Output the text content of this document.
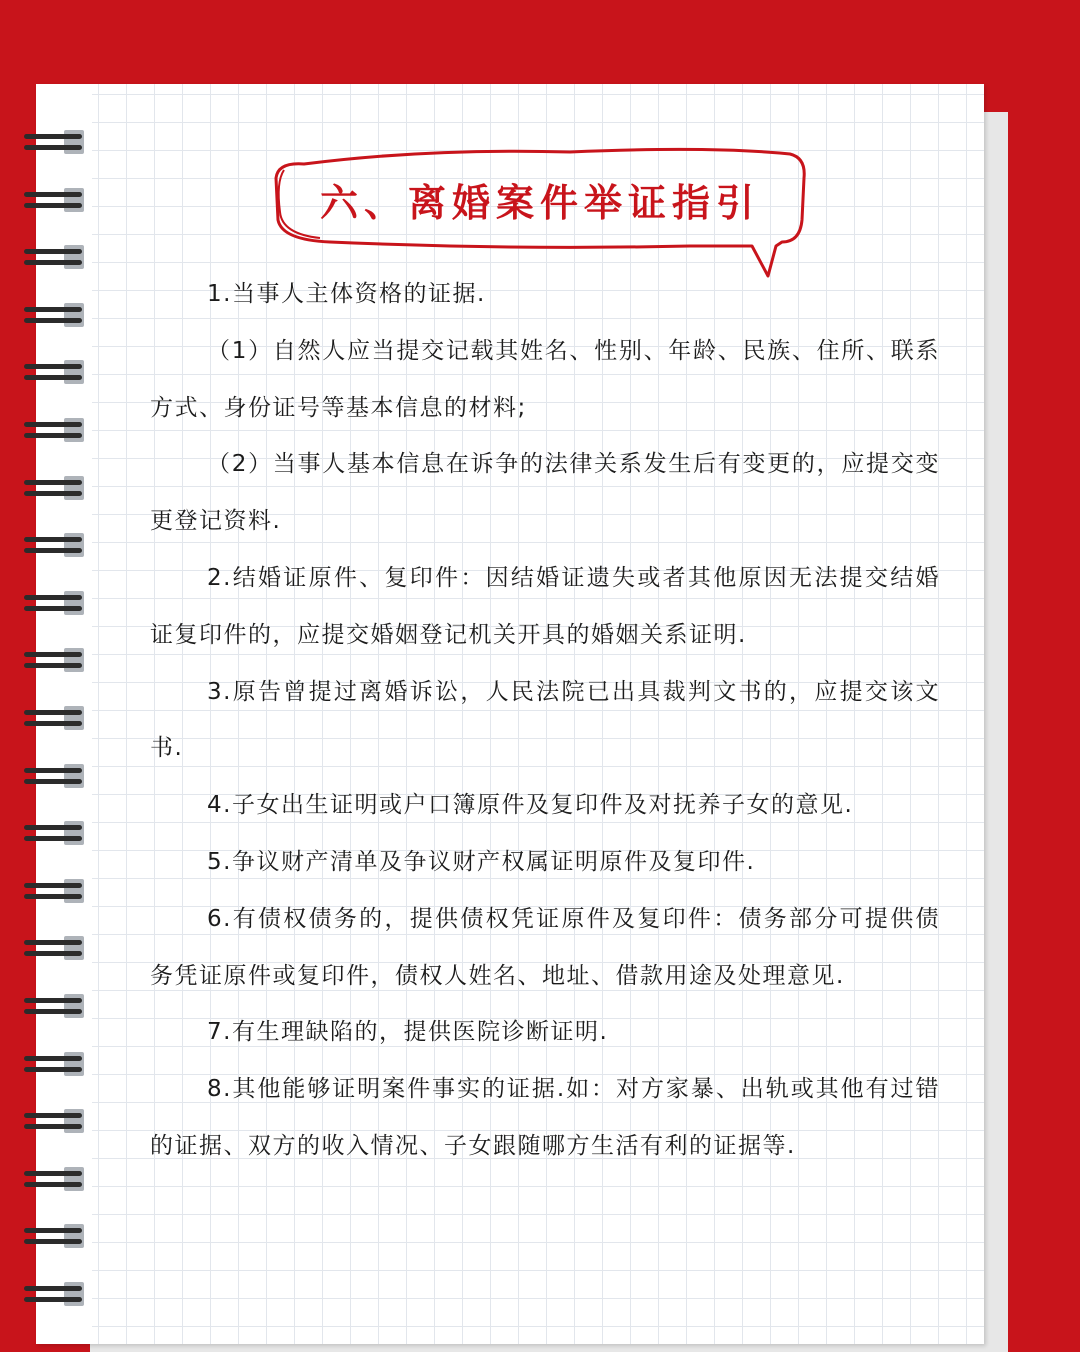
六、离婚案件举证指引

1.当事人主体资格的证据.

（1）自然人应当提交记载其姓名、性别、年龄、民族、住所、联系方式、身份证号等基本信息的材料;

（2）当事人基本信息在诉争的法律关系发生后有变更的，应提交变更登记资料.

2.结婚证原件、复印件：因结婚证遗失或者其他原因无法提交结婚证复印件的，应提交婚姻登记机关开具的婚姻关系证明.

3.原告曾提过离婚诉讼，人民法院已出具裁判文书的，应提交该文书.

4.子女出生证明或户口簿原件及复印件及对抚养子女的意见.

5.争议财产清单及争议财产权属证明原件及复印件.

6.有债权债务的，提供债权凭证原件及复印件：债务部分可提供债务凭证原件或复印件，债权人姓名、地址、借款用途及处理意见.

7.有生理缺陷的，提供医院诊断证明.

8.其他能够证明案件事实的证据.如：对方家暴、出轨或其他有过错的证据、双方的收入情况、子女跟随哪方生活有利的证据等.
